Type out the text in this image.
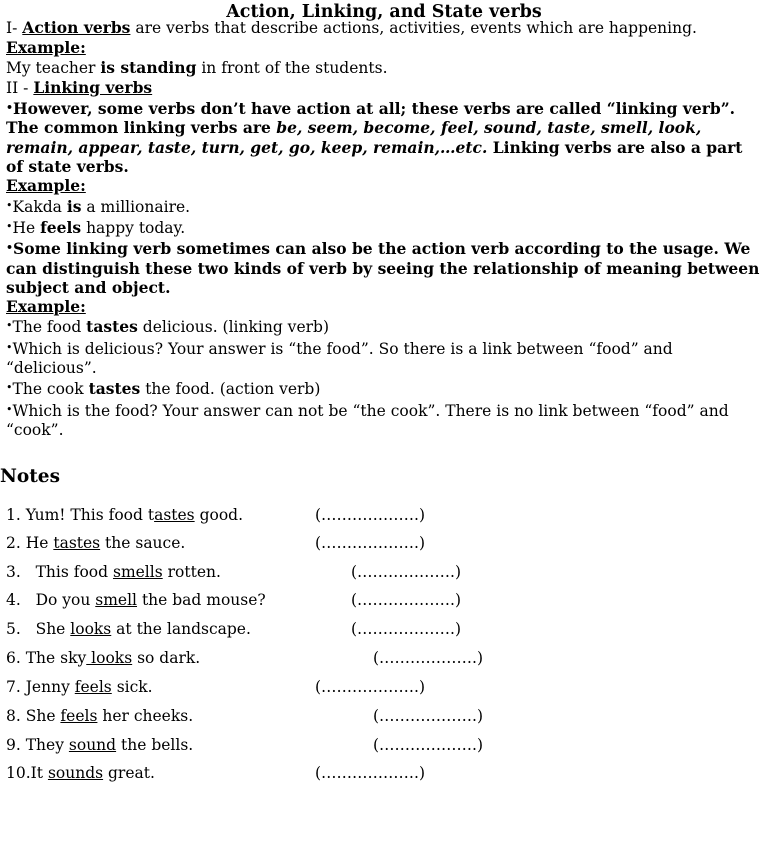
Action, Linking, and State verbs
I- Action verbs are verbs that describe actions, activities, events which are happening.
Example:
My teacher is standing in front of the students.
II - Linking verbs
•However, some verbs don’t have action at all; these verbs are called “linking verb”. The common linking verbs are be, seem, become, feel, sound, taste, smell, look, remain, appear, taste, turn, get, go, keep, remain,…etc. Linking verbs are also a part of state verbs.
Example:
•Kakda is a millionaire.
•He feels happy today.
•Some linking verb sometimes can also be the action verb according to the usage. We can distinguish these two kinds of verb by seeing the relationship of meaning between subject and object.
Example:
•The food tastes delicious. (linking verb)
•Which is delicious? Your answer is “the food”. So there is a link between “food” and “delicious”.
•The cook tastes the food. (action verb)
•Which is the food? Your answer can not be “the cook”. There is no link between “food” and “cook”.
Notes
1. Yum! This food tastes good.	(……………….)
2. He tastes the sauce.	(……………….)
3.   This food smells rotten.	(……………….)
4.   Do you smell the bad mouse?	(……………….)
5.   She looks at the landscape.	(……………….)
6. The sky looks so dark.	(……………….)
7. Jenny feels sick.	(……………….)
8. She feels her cheeks.	(……………….)
9. They sound the bells.	(……………….)
10.It sounds great.	(……………….)
